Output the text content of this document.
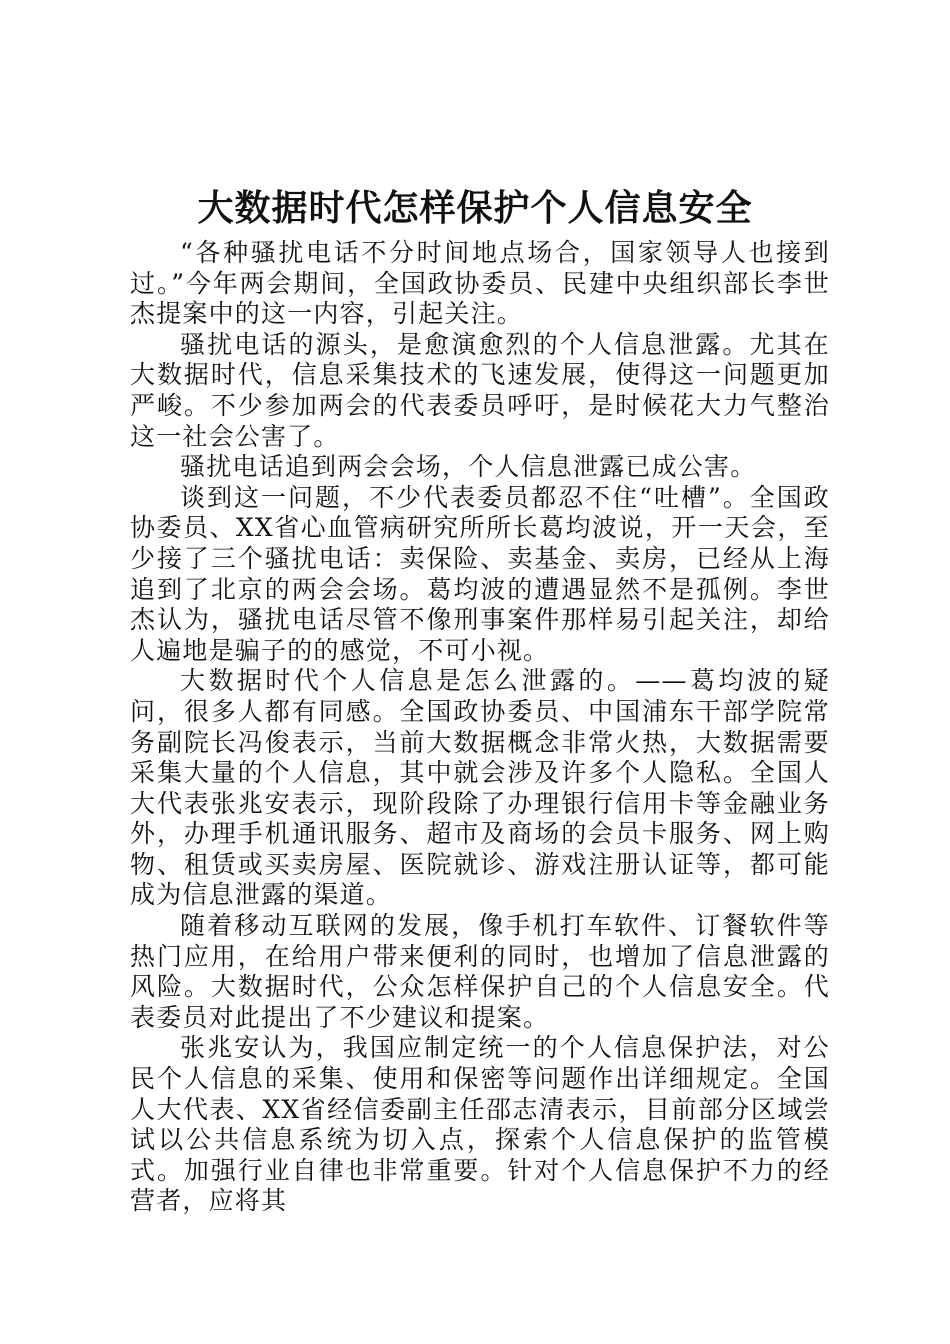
大数据时代怎样保护个人信息安全

“各种骚扰电话不分时间地点场合，国家领导人也接到过。”今年两会期间，全国政协委员、民建中央组织部长李世杰提案中的这一内容，引起关注。

骚扰电话的源头，是愈演愈烈的个人信息泄露。尤其在大数据时代，信息采集技术的飞速发展，使得这一问题更加严峻。不少参加两会的代表委员呼吁，是时候花大力气整治这一社会公害了。

骚扰电话追到两会会场，个人信息泄露已成公害。

谈到这一问题，不少代表委员都忍不住“吐槽”。全国政协委员、XX省心血管病研究所所长葛均波说，开一天会，至少接了三个骚扰电话：卖保险、卖基金、卖房，已经从上海追到了北京的两会会场。葛均波的遭遇显然不是孤例。李世杰认为，骚扰电话尽管不像刑事案件那样易引起关注，却给人遍地是骗子的的感觉，不可小视。

大数据时代个人信息是怎么泄露的。——葛均波的疑问，很多人都有同感。全国政协委员、中国浦东干部学院常务副院长冯俊表示，当前大数据概念非常火热，大数据需要采集大量的个人信息，其中就会涉及许多个人隐私。全国人大代表张兆安表示，现阶段除了办理银行信用卡等金融业务外，办理手机通讯服务、超市及商场的会员卡服务、网上购物、租赁或买卖房屋、医院就诊、游戏注册认证等，都可能成为信息泄露的渠道。

随着移动互联网的发展，像手机打车软件、订餐软件等热门应用，在给用户带来便利的同时，也增加了信息泄露的风险。大数据时代，公众怎样保护自己的个人信息安全。代表委员对此提出了不少建议和提案。

张兆安认为，我国应制定统一的个人信息保护法，对公民个人信息的采集、使用和保密等问题作出详细规定。全国人大代表、XX省经信委副主任邵志清表示，目前部分区域尝试以公共信息系统为切入点，探索个人信息保护的监管模式。加强行业自律也非常重要。针对个人信息保护不力的经营者，应将其
